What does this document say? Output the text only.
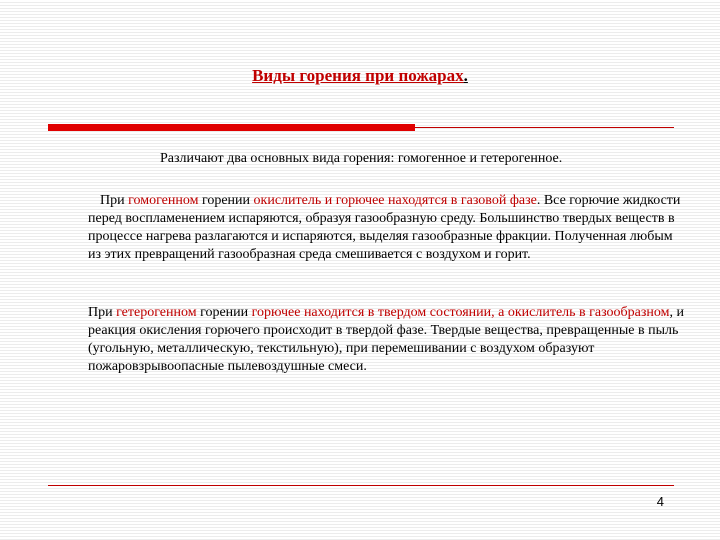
Виды горения при пожарах.
Различают два основных вида горения: гомогенное и гетерогенное.
При гомогенном горении окислитель и горючее находятся в газовой фазе. Все горючие жидкости перед воспламенением испаряются, образуя газообразную среду. Большинство твердых веществ в процессе нагрева разлагаются и испаряются, выделяя газообразные фракции. Полученная любым из этих превращений газообразная среда смешивается с воздухом и горит.
При гетерогенном горении горючее находится в твердом состоянии, а окислитель в газообразном, и реакция окисления горючего происходит в твердой фазе. Твердые вещества, превращенные в пыль (угольную, металлическую, текстильную), при перемешивании с воздухом образуют пожаровзрывоопасные пылевоздушные смеси.
4
